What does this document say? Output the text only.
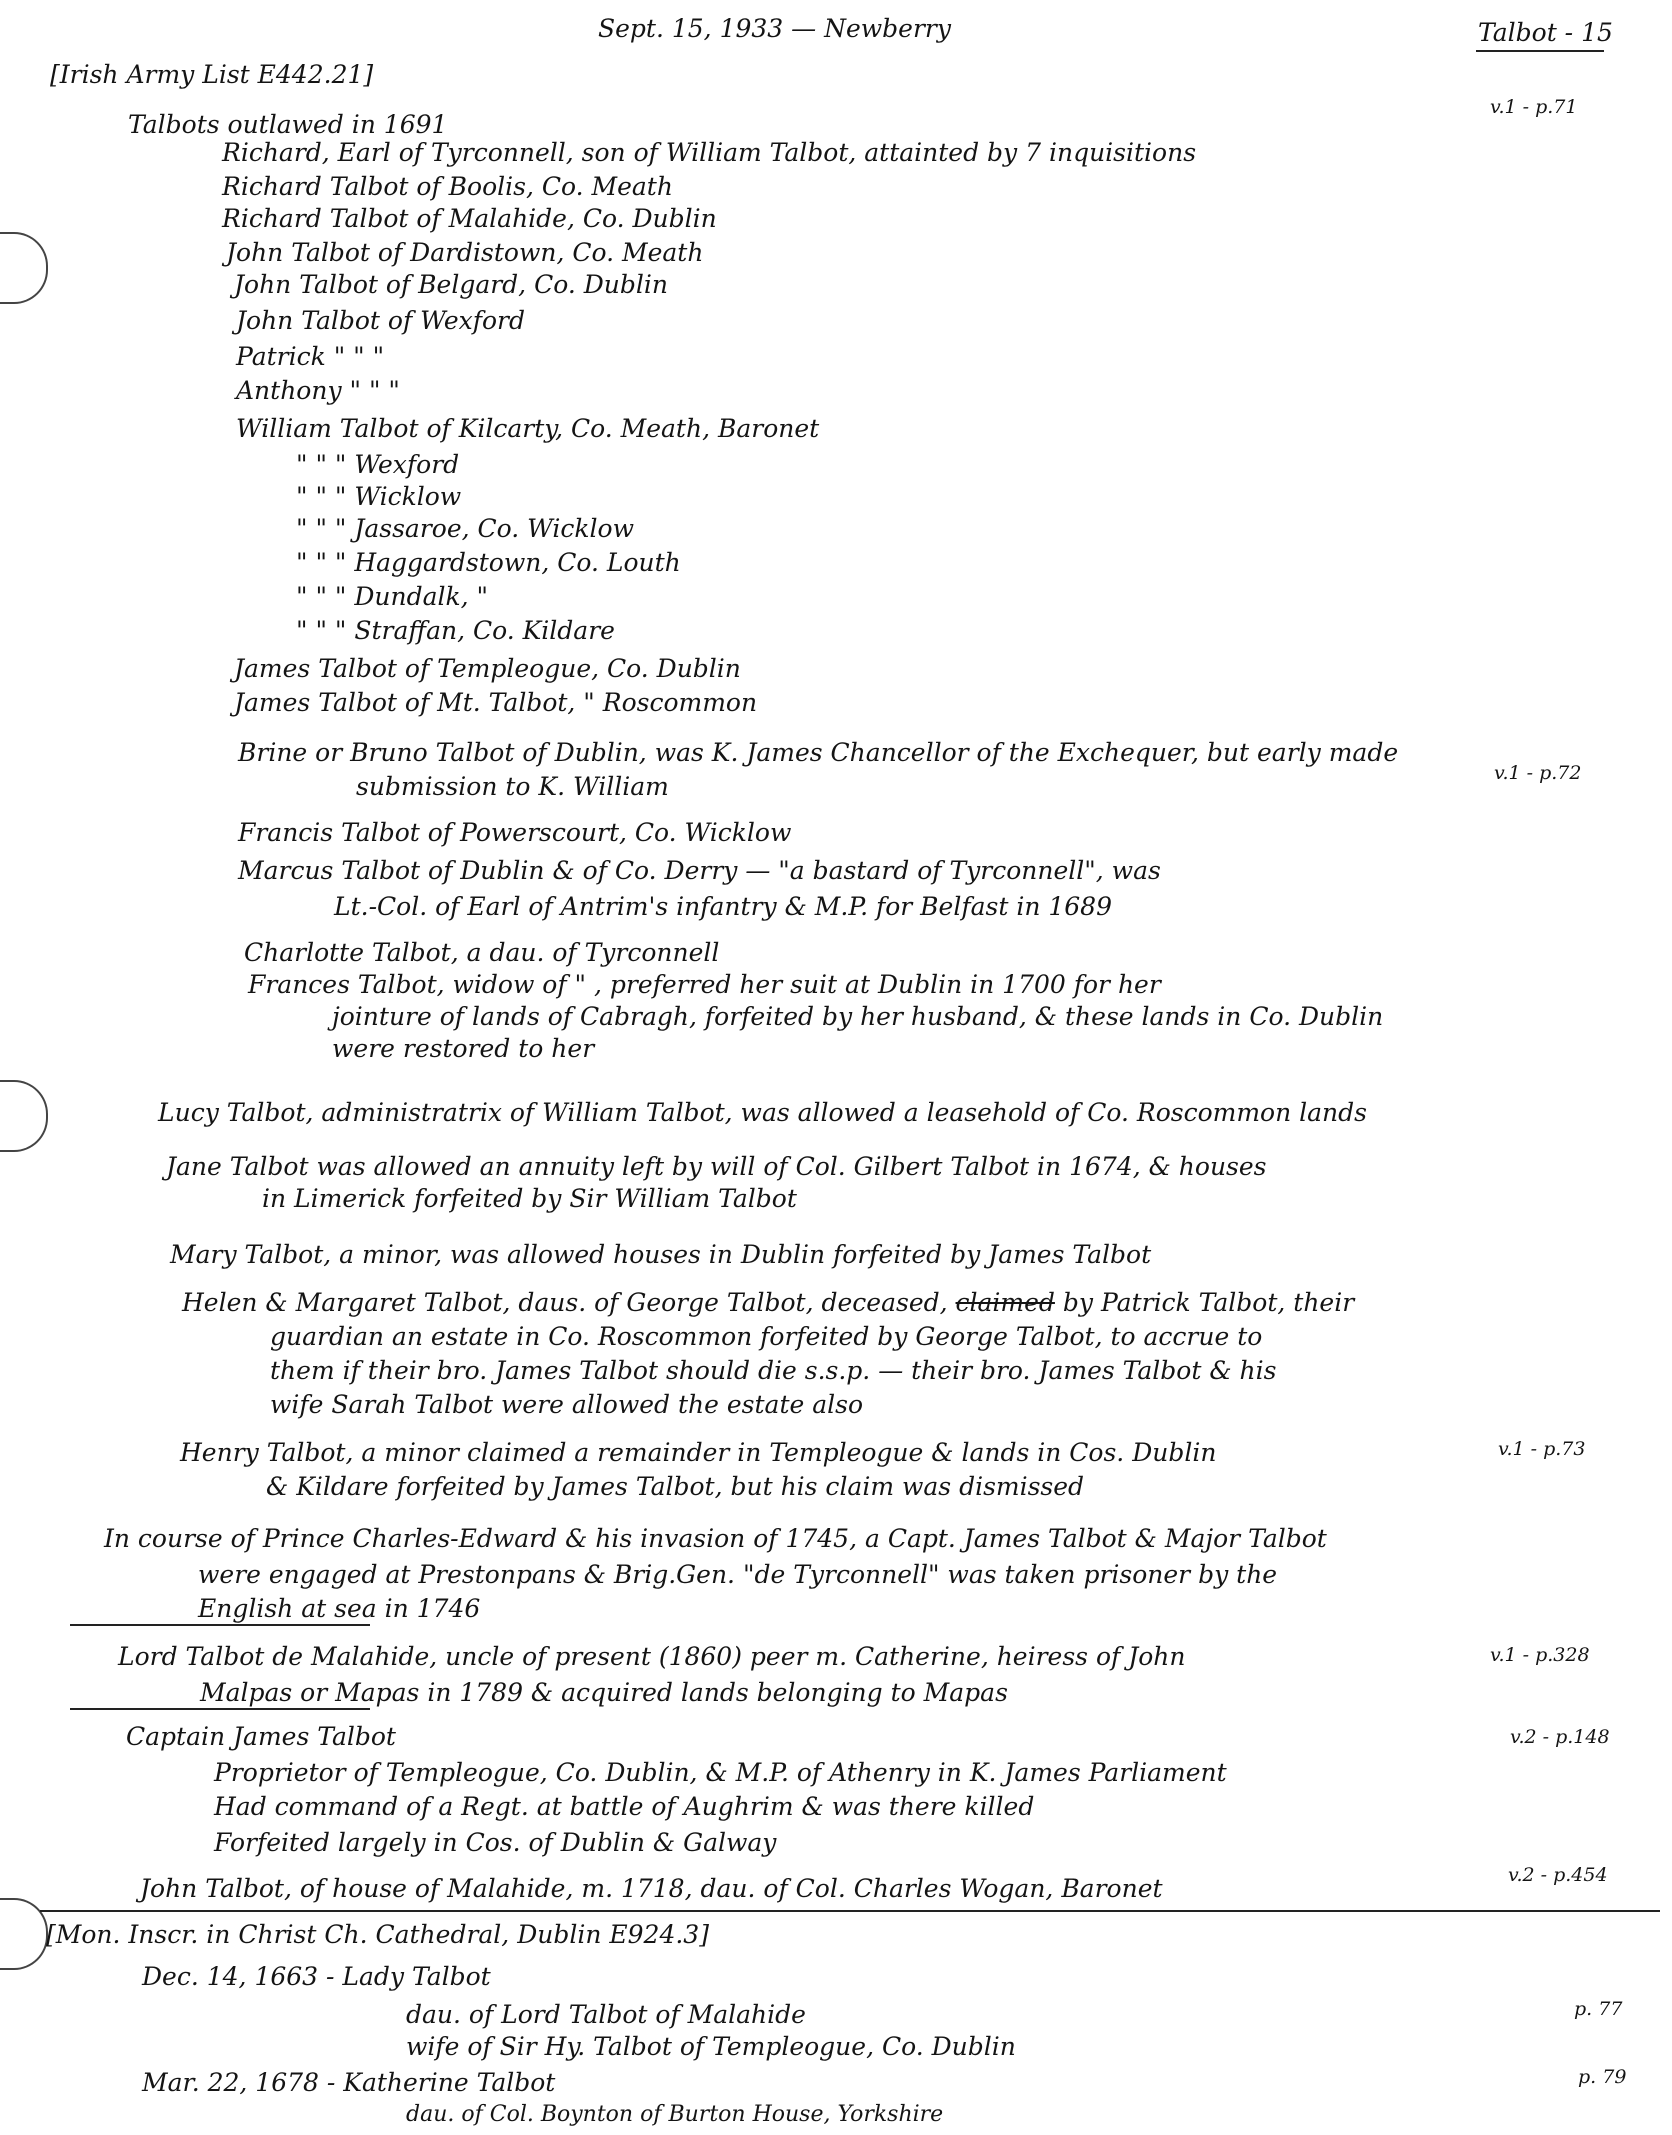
Sept. 15, 1933 — Newberry	Talbot - 15
[Irish Army List E442.21]
Talbots outlawed in 1691
v.1 - p.71
Richard, Earl of Tyrconnell, son of William Talbot, attainted by 7 inquisitions
Richard Talbot of Boolis, Co. Meath
Richard Talbot of Malahide, Co. Dublin
John Talbot of Dardistown, Co. Meath
John Talbot of Belgard, Co. Dublin
John Talbot of Wexford
Patrick " " "
Anthony " " "
William Talbot of Kilcarty, Co. Meath, Baronet
" " " Wexford
" " " Wicklow
" " " Jassaroe, Co. Wicklow
" " " Haggardstown, Co. Louth
" " " Dundalk, "
" " " Straffan, Co. Kildare
James Talbot of Templeogue, Co. Dublin
James Talbot of Mt. Talbot, " Roscommon
Brine or Bruno Talbot of Dublin, was K. James Chancellor of the Exchequer, but early made
submission to K. William	v.1 - p.72
Francis Talbot of Powerscourt, Co. Wicklow
Marcus Talbot of Dublin & of Co. Derry — "a bastard of Tyrconnell", was
Lt.-Col. of Earl of Antrim's infantry & M.P. for Belfast in 1689
Charlotte Talbot, a dau. of Tyrconnell
Frances Talbot, widow of " , preferred her suit at Dublin in 1700 for her
jointure of lands of Cabragh, forfeited by her husband, & these lands in Co. Dublin
were restored to her
Lucy Talbot, administratrix of William Talbot, was allowed a leasehold of Co. Roscommon lands
Jane Talbot was allowed an annuity left by will of Col. Gilbert Talbot in 1674, & houses
in Limerick forfeited by Sir William Talbot
Mary Talbot, a minor, was allowed houses in Dublin forfeited by James Talbot
Helen & Margaret Talbot, daus. of George Talbot, deceased, claimed by Patrick Talbot, their
guardian an estate in Co. Roscommon forfeited by George Talbot, to accrue to
them if their bro. James Talbot should die s.s.p. — their bro. James Talbot & his
wife Sarah Talbot were allowed the estate also
Henry Talbot, a minor claimed a remainder in Templeogue & lands in Cos. Dublin
& Kildare forfeited by James Talbot, but his claim was dismissed
v.1 - p.73
In course of Prince Charles-Edward & his invasion of 1745, a Capt. James Talbot & Major Talbot
were engaged at Prestonpans & Brig.Gen. "de Tyrconnell" was taken prisoner by the
English at sea in 1746
Lord Talbot de Malahide, uncle of present (1860) peer m. Catherine, heiress of John
Malpas or Mapas in 1789 & acquired lands belonging to Mapas
v.1 - p.328
Captain James Talbot	v.2 - p.148
Proprietor of Templeogue, Co. Dublin, & M.P. of Athenry in K. James Parliament
Had command of a Regt. at battle of Aughrim & was there killed
Forfeited largely in Cos. of Dublin & Galway
John Talbot, of house of Malahide, m. 1718, dau. of Col. Charles Wogan, Baronet	v.2 - p.454
[Mon. Inscr. in Christ Ch. Cathedral, Dublin E924.3]
Dec. 14, 1663 - Lady Talbot
dau. of Lord Talbot of Malahide
wife of Sir Hy. Talbot of Templeogue, Co. Dublin
p. 77
Mar. 22, 1678 - Katherine Talbot	p. 79
dau. of Col. Boynton of Burton House, Yorkshire
